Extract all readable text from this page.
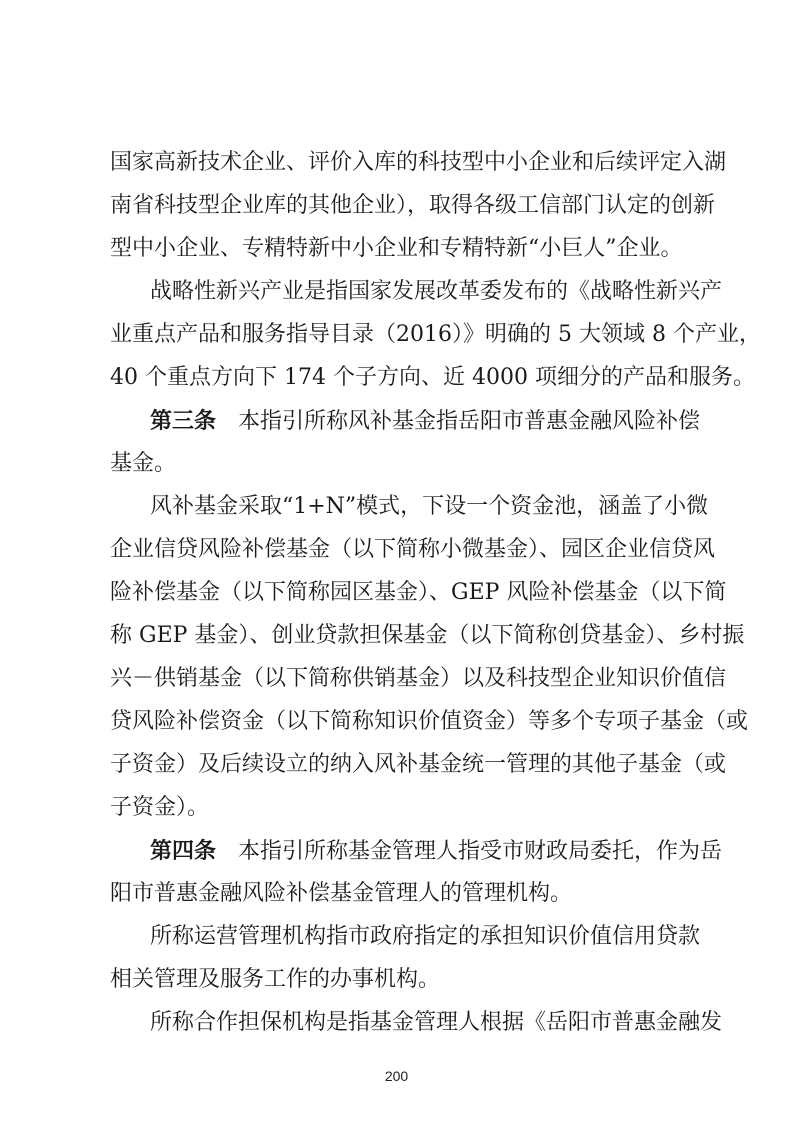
国家高新技术企业、评价入库的科技型中小企业和后续评定入湖
南省科技型企业库的其他企业），取得各级工信部门认定的创新
型中小企业、专精特新中小企业和专精特新“小巨人”企业。
战略性新兴产业是指国家发展改革委发布的《战略性新兴产
业重点产品和服务指导目录（2016）》明确的 5 大领域 8 个产业，
40 个重点方向下 174 个子方向、近 4000 项细分的产品和服务。
第三条 本指引所称风补基金指岳阳市普惠金融风险补偿
基金。
风补基金采取“1+N”模式，下设一个资金池，涵盖了小微
企业信贷风险补偿基金（以下简称小微基金）、园区企业信贷风
险补偿基金（以下简称园区基金）、GEP 风险补偿基金（以下简
称 GEP 基金）、创业贷款担保基金（以下简称创贷基金）、乡村振
兴－供销基金（以下简称供销基金）以及科技型企业知识价值信
贷风险补偿资金（以下简称知识价值资金）等多个专项子基金（或
子资金）及后续设立的纳入风补基金统一管理的其他子基金（或
子资金）。
第四条 本指引所称基金管理人指受市财政局委托，作为岳
阳市普惠金融风险补偿基金管理人的管理机构。
所称运营管理机构指市政府指定的承担知识价值信用贷款
相关管理及服务工作的办事机构。
所称合作担保机构是指基金管理人根据《岳阳市普惠金融发
200
